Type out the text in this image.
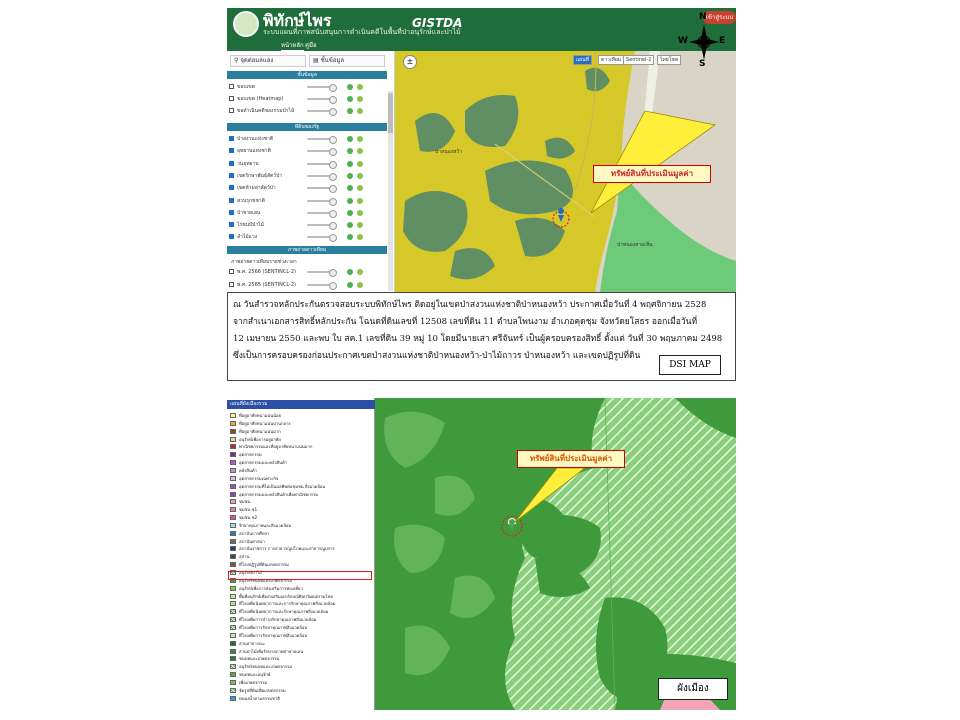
พิทักษ์ไพร
ระบบแผนที่ภาพสนับสนุนการดำเนินคดีในพื้นที่ป่าอนุรักษ์และป่าไม้
GISTDA	เข้าสู่ระบบ
หน้าหลัก คู่มือ
⚲ จุดต่อมลแลง	▤ ชั้นข้อมูล
ชั้นข้อมูล
ขอบเขต
ขอบเขต (Heatmap)
ขอดำเนินคดีของกรมป่าไม้
ทีดินของรัฐ
ป่าสงวนแห่งชาติ
อุทยานแห่งชาติ
วนอุทยาน
เขตรักษาพันธุ์สัตว์ป่า
เขตห้ามล่าสัตว์ป่า
สวนรุกขชาติ
ป่าชายเลน
ไร่ชนบ๊ป่าไม้
ลำไม้แวง
ภาพถ่ายดาวเทียม
ภาพถ่ายดาวเทียมรายช่วงเวลา
พ.ศ. 2566 (SENTINCL-2)
พ.ศ. 2565 (SENTINCL-2)
±	แผนที่	ดาวเทียม Sentinel-2	ไทยโชต
ทรัพย์สินที่ประเมินมูลค่า
ป่าหนองหว้า
ป่าหนองสามเสิ่น
N
S
E
W

ณ วันสำรวจหลักประกันตรวจสอบระบบพิทักษ์ไพร ติดอยู่ในเขตป่าสงวนแห่งชาติป่าหนองหว้า ประกาศเมื่อวันที่ 4 พฤศจิกายน 2528

จากสำเนาเอกสารสิทธิ์หลักประกัน โฉนดที่ดินเลขที่ 12508 เลขที่ดิน 11 ตำบลโพนงาม อำเภอคุดชุม จังหวัดยโสธร ออกเมื่อวันที่

12 เมษายน 2550 และพบ ใบ สค.1 เลขที่ดิน 39 หมู่ 10 โดยมีนายเสา ศรีจันทร์ เป็นผู้ครอบครองสิทธิ์ ตั้งแต่ วันที่ 30 พฤษภาคม 2498

ซึ่งเป็นการครอบครองก่อนประกาศเขตป่าสงวนแห่งชาติป่าหนองหว้า-ป่าไม้ถาวร ป่าหนองหว้า และเขตปฏิรูปที่ดิน

DSI MAP
แผนที่ผังเมืองรวม
ที่อยู่อาศัยหนาแน่นน้อย
ที่อยู่อาศัยหนาแน่นปานกลาง
ที่อยู่อาศัยหนาแน่นมาก
อนุรักษ์เพื่อการอยู่อาศัย
พาณิชยกรรมและที่อยู่อาศัยหนาแน่นมาก
อุตสาหกรรม
อุตสาหกรรมและคลังสินค้า
คลังสินค้า
อุตสาหกรรมเฉพาะกิจ
อุตสาหกรรมที่ไม่เป็นมลพิษต่อชุมชน สิ่งแวดล้อม
อุตสาหกรรมและคลังสินค้าเพื่อพาณิชยกรรม
ชุมชน
ชุมชน ช1
ชุมชน ช2
รักษาคุณภาพและสิ่งแวดล้อม
สถาบันการศึกษา
สถาบันศาสนา
สถาบันราชการ การสาธารณูปโภคและสาธารณูปการ
สุสาน
ที่โล่งปฏิรูปที่ดินเกษตรกรรม
อนุรักษ์ป่าไม้
อนุรักษ์ชนบทและเกษตรกรรม
อนุรักษ์เพื่อการส่งเสริมการท่องเที่ยว
พื้นที่อนุรักษ์เพื่อส่งเสริมเอกลักษณ์ศิลปวัฒนธรรมไทย
ที่โล่งเพื่อนันทนาการและการรักษาคุณภาพสิ่งแวดล้อม
ที่โล่งเพื่อนันทนาการและรักษาคุณภาพสิ่งแวดล้อม
ที่โล่งเพื่อการบำรุงรักษาคุณภาพสิ่งแวดล้อม
ที่โล่งเพื่อการรักษาคุณภาพสิ่งแวดล้อม
ที่โล่งเพื่อการรักษาคุณภาพสิ่งแวดล้อม
สวนสาธารณะ
สวนป่าไม้เพื่อรักษาสภาพป่าชายเลน
ชนบทและเกษตรกรรม
อนุรักษ์ชนบทและเกษตรกรรม
ชนบทและอนุรักษ์
เพื่อเกษตรกรรม
จัดรูปที่ดินเพื่อเกษตรกรรม
หนองน้ำตามธรรมชาติ
ทรัพย์สินที่ประเมินมูลค่า
ผังเมือง
